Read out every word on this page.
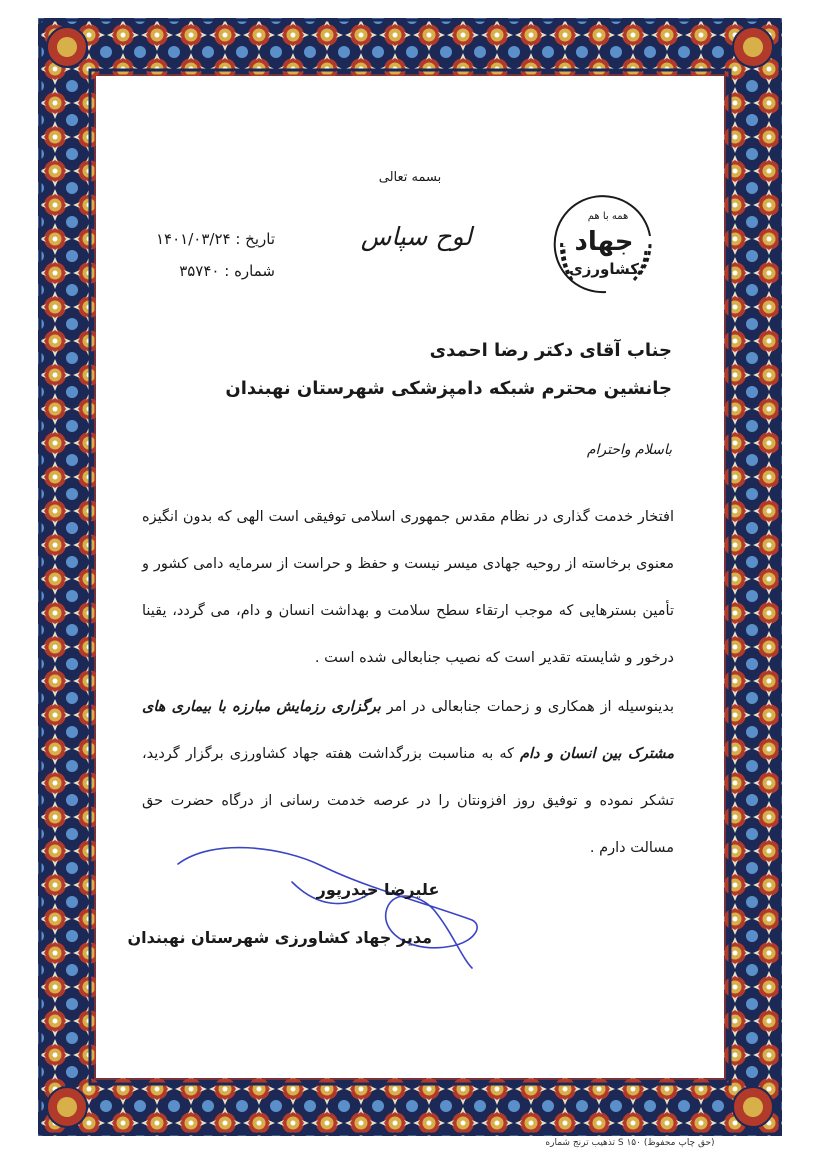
همه با هم
جهاد
کشاورزی
بسمه تعالی
لوح سپاس
تاریخ : ۱۴۰۱/۰۳/۲۴
شماره : ۳۵۷۴۰
جناب آقای دکتر رضا احمدی
جانشین محترم شبکه دامپزشکی شهرستان نهبندان
باسلام واحترام
افتخار خدمت گذاری در نظام مقدس جمهوری اسلامی توفیقی است الهی که بدون انگیزه معنوی برخاسته از روحیه جهادی میسر نیست و حفظ و حراست از سرمایه دامی کشور و تأمین بسترهایی که موجب ارتقاء سطح سلامت و بهداشت انسان و دام، می گردد، یقینا درخور و شایسته تقدیر است که نصیب جنابعالی شده است .
بدینوسیله از همکاری و زحمات جنابعالی در امر برگزاری رزمایش مبارزه با بیماری های مشترک بین انسان و دام که به مناسبت بزرگداشت هفته جهاد کشاورزی برگزار گردید، تشکر نموده و توفیق روز افزونتان را در عرصه خدمت رسانی از درگاه حضرت حق مسالت دارم .
علیرضا حیدرپور
مدیر جهاد کشاورزی شهرستان نهبندان
(حق چاپ محفوظ) S ۱۵۰ تذهیب ترنج شماره
